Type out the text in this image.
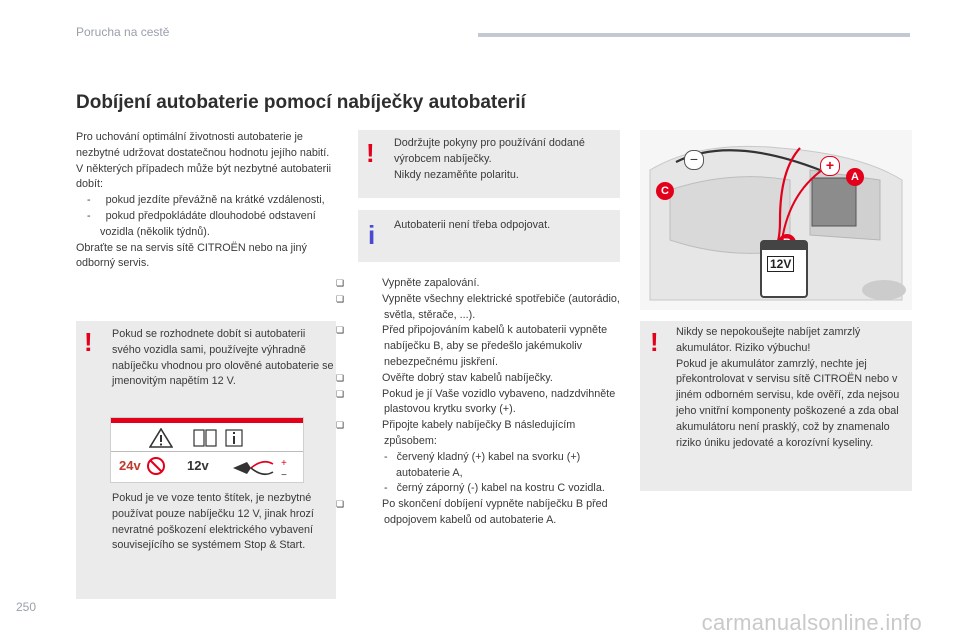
Porucha na cestě
Dobíjení autobaterie pomocí nabíječky autobaterií
Pro uchování optimální životnosti autobaterie je nezbytné udržovat dostatečnou hodnotu jejího nabití.
V některých případech může být nezbytné autobaterii dobít:
-     pokud jezdíte převážně na krátké vzdálenosti,
-     pokud předpokládáte dlouhodobé odstavení vozidla (několik týdnů).
Obraťte se na servis sítě CITROËN nebo na jiný odborný servis.
! Pokud se rozhodnete dobít si autobaterii svého vozidla sami, používejte výhradně nabíječku vhodnou pro olověné autobaterie se jmenovitým napětím 12 V.
24v	12v	+
−
Pokud je ve voze tento štítek, je nezbytné používat pouze nabíječku 12 V, jinak hrozí nevratné poškození elektrického vybavení souvisejícího se systémem Stop & Start.
! Dodržujte pokyny pro používání dodané výrobcem nabíječky.
Nikdy nezaměňte polaritu.
i Autobaterii není třeba odpojovat.
❏	Vypněte zapalování.
❏	Vypněte všechny elektrické spotřebiče (autorádio, světla, stěrače, ...).
❏	Před připojováním kabelů k autobaterii vypněte nabíječku B, aby se předešlo jakémukoliv nebezpečnému jiskření.
❏	Ověřte dobrý stav kabelů nabíječky.
❏	Pokud je jí Vaše vozidlo vybaveno, nadzdvihněte plastovou krytku svorky (+).
❏	Připojte kabely nabíječky B následujícím způsobem:
-   červený kladný (+) kabel na svorku (+) autobaterie A,
-   černý záporný (-) kabel na kostru C vozidla.
❏	Po skončení dobíjení vypněte nabíječku B před odpojovem kabelů od autobaterie A.
−	+
C
A
12V
! Nikdy se nepokoušejte nabíjet zamrzlý akumulátor. Riziko výbuchu!
Pokud je akumulátor zamrzlý, nechte jej překontrolovat v servisu sítě CITROËN nebo v jiném odborném servisu, kde ověří, zda nejsou jeho vnitřní komponenty poškozené a zda obal akumulátoru není prasklý, což by znamenalo riziko úniku jedovaté a korozívní kyseliny.
250
carmanualsonline.info
